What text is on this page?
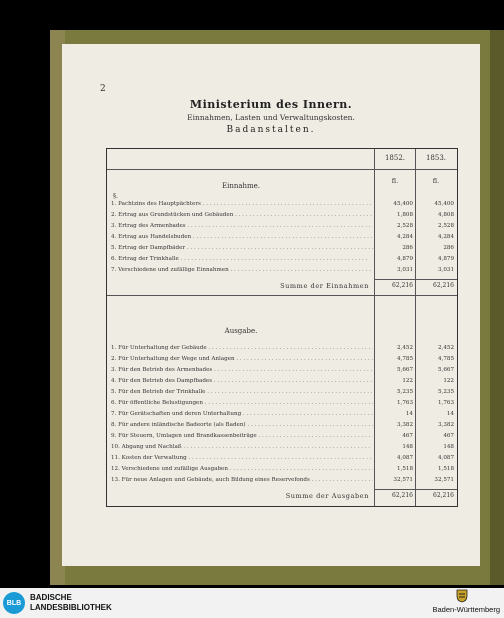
2
Ministerium des Innern.
Einnahmen, Lasten und Verwaltungskosten.
Badanstalten.
1852.	1853.
Einnahme.
fl.	fl.
§.
1. Pachtzins des Hauptpächters . . .	45,400	45,400
2. Ertrag aus Grundstücken und Gebäuden . . .	1,808	4,808
3. Ertrag des Armenbades . . .	2,528	2,528
4. Ertrag aus Handelsbuden . . .	4,284	4,284
5. Ertrag der Dampfbäder . . .	286	286
6. Ertrag der Trinkhalle . . .	4,879	4,879
7. Verschiedene und zufällige Einnahmen . . .	3,031	3,031
Summe der Einnahmen	62,216	62,216
Ausgabe.
1. Für Unterhaltung der Gebäude . . .	2,452	2,452
2. Für Unterhaltung der Wege und Anlagen . . .	4,785	4,785
3. Für den Betrieb des Armenbades . . .	5,667	5,667
4. Für den Betrieb des Dampfbades . . .	122	122
5. Für den Betrieb der Trinkhalle . . .	5,235	5,235
6. Für öffentliche Belustigungen . . .	1,763	1,763
7. Für Gerätschaften und deren Unterhaltung . . .	14	14
8. Für andere inländische Badeorte (als Baden) . . .	3,382	3,382
9. Für Steuern, Umlagen und Brandkassenbeiträge . . .	467	467
10. Abgang und Nachlaß . . .	148	148
11. Kosten der Verwaltung . . .	4,087	4,087
12. Verschiedene und zufällige Ausgaben . . .	1,518	1,518
13. Für neue Anlagen und Gebäude, auch Bildung eines Reservefonds . . .	32,571	32,571
Summe der Ausgaben	62,216	62,216
BLB
BADISCHE
LANDESBIBLIOTHEK	Baden-Württemberg
